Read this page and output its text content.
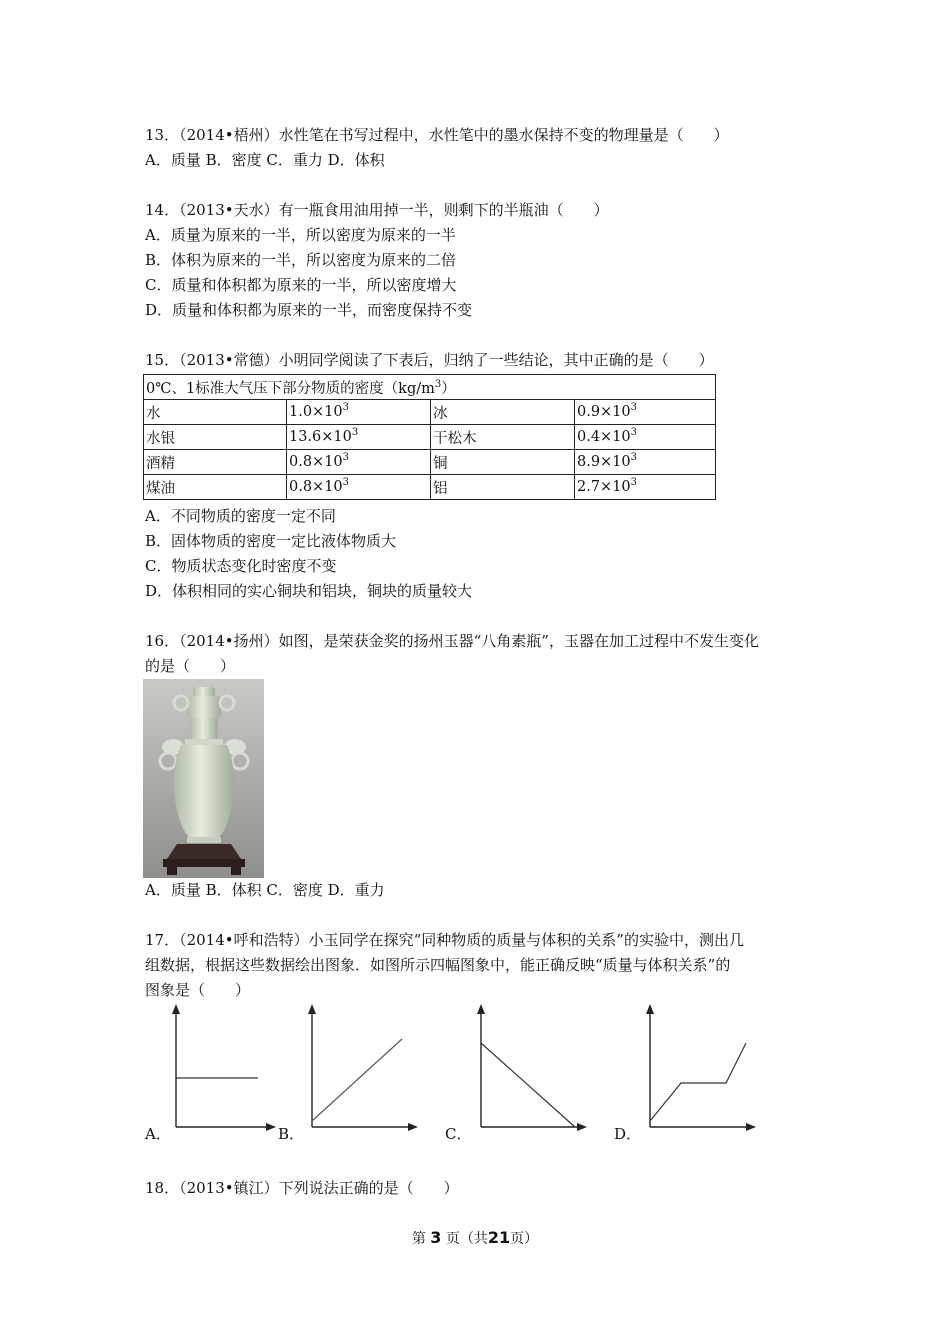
13．（2014•梧州）水性笔在书写过程中，水性笔中的墨水保持不变的物理量是（　　）
A．质量 B．密度 C．重力 D．体积
14．（2013•天水）有一瓶食用油用掉一半，则剩下的半瓶油（　　）
A．质量为原来的一半，所以密度为原来的一半
B．体积为原来的一半，所以密度为原来的二倍
C．质量和体积都为原来的一半，所以密度增大
D．质量和体积都为原来的一半，而密度保持不变
15．（2013•常德）小明同学阅读了下表后，归纳了一些结论，其中正确的是（　　）
0℃、1标准大气压下部分物质的密度$(kg/m^3)$			
水	$1.0\times 10^3$	冰	$0.9\times 10^3$
水银	$13.6\times 10^3$	干松木	$0.4\times 10^3$
酒精	$0.8\times 10^3$	铜	$8.9\times 10^3$
煤油	$0.8\times 10^3$	铝	$2.7\times 10^3$
A．不同物质的密度一定不同
B．固体物质的密度一定比液体物质大
C．物质状态变化时密度不变
D．体积相同的实心铜块和铝块，铜块的质量较大
16．（2014•扬州）如图，是荣获金奖的扬州玉器“八角素瓶”，玉器在加工过程中不发生变化
的是（　　）
A．质量 B．体积 C．密度 D．重力
17．（2014•呼和浩特）小玉同学在探究“同种物质的质量与体积的关系”的实验中，测出几
组数据，根据这些数据绘出图象．如图所示四幅图象中，能正确反映“质量与体积关系”的
图象是（　　）
A．	B．	C．	D．
18．（2013•镇江）下列说法正确的是（　　）
第 3 页（共21页）
